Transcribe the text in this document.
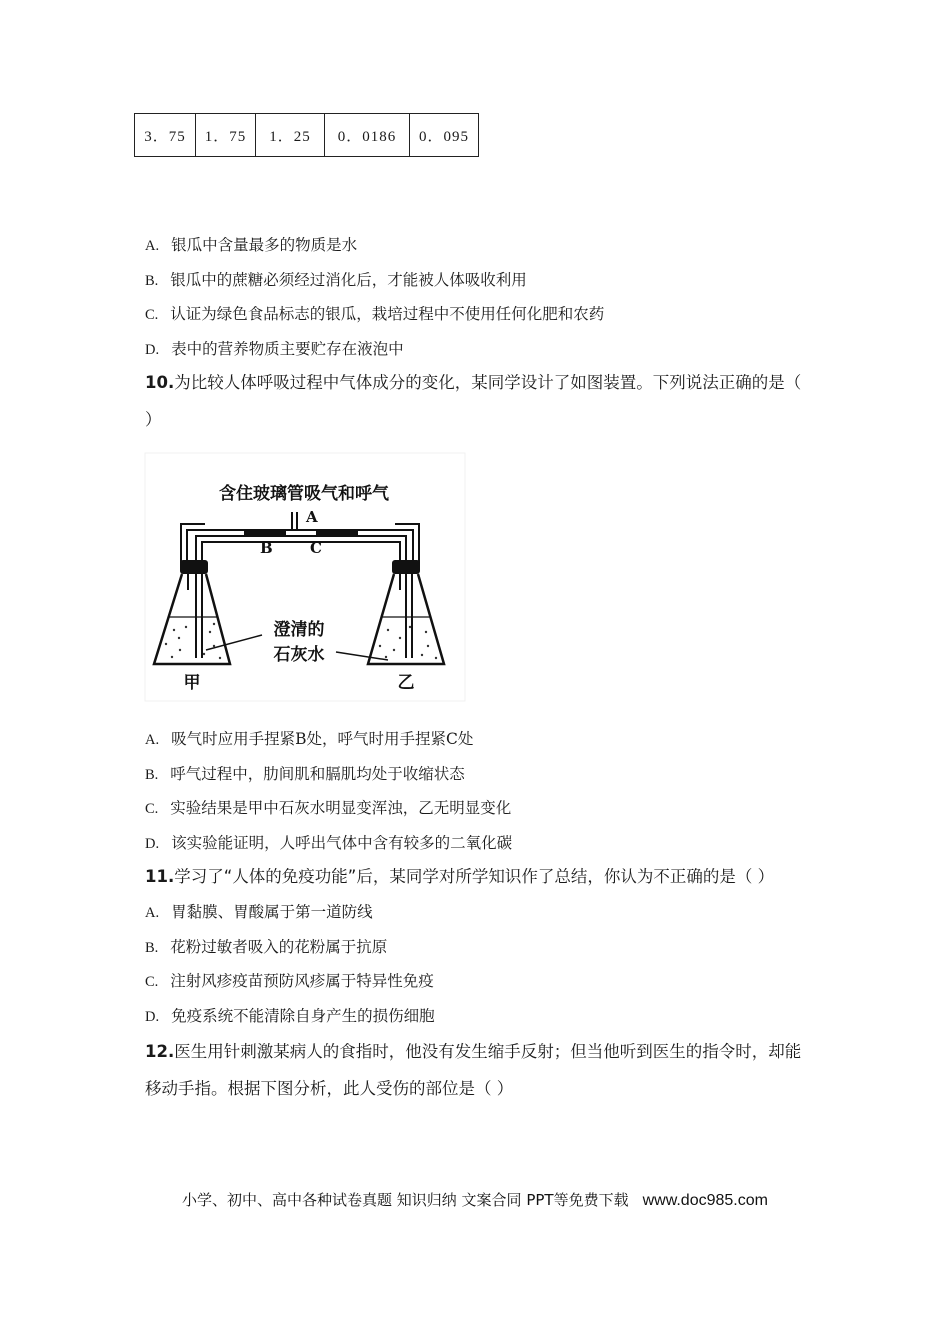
3．75	1．75	1．25	0．0186	0．095
A. 银瓜中含量最多的物质是水
B. 银瓜中的蔗糖必须经过消化后，才能被人体吸收利用
C. 认证为绿色食品标志的银瓜，栽培过程中不使用任何化肥和农药
D. 表中的营养物质主要贮存在液泡中
10.为比较人体呼吸过程中气体成分的变化，某同学设计了如图装置。下列说法正确的是（
）
含住玻璃管吸气和呼气
A
B C
澄清的
石灰水
甲	乙
A. 吸气时应用手捏紧B处，呼气时用手捏紧C处
B. 呼气过程中，肋间肌和膈肌均处于收缩状态
C. 实验结果是甲中石灰水明显变浑浊，乙无明显变化
D. 该实验能证明，人呼出气体中含有较多的二氧化碳
11.学习了“人体的免疫功能”后，某同学对所学知识作了总结，你认为不正确的是（ ）
A. 胃黏膜、胃酸属于第一道防线
B. 花粉过敏者吸入的花粉属于抗原
C. 注射风疹疫苗预防风疹属于特异性免疫
D. 免疫系统不能清除自身产生的损伤细胞
12.医生用针刺激某病人的食指时，他没有发生缩手反射；但当他听到医生的指令时，却能
移动手指。根据下图分析，此人受伤的部位是（ ）
小学、初中、高中各种试卷真题 知识归纳 文案合同 PPT等免费下载 www.doc985.com
